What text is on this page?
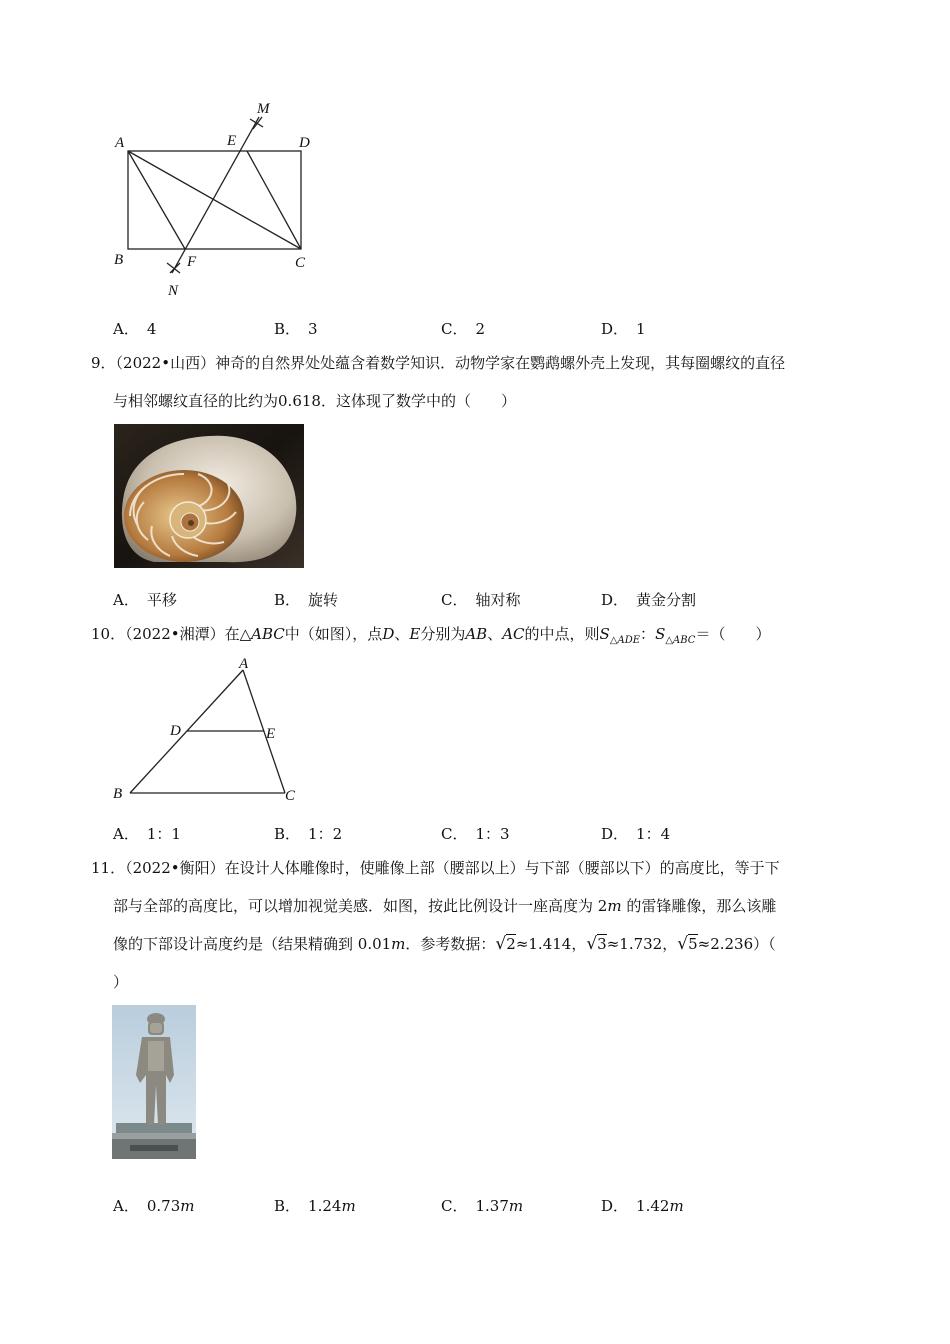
M
A	E	D
B	F	C
N
A． 4	B． 3	C． 2	D． 1
9．（2022•山西）神奇的自然界处处蕴含着数学知识．动物学家在鹦鹉螺外壳上发现，其每圈螺纹的直径
与相邻螺纹直径的比约为0.618．这体现了数学中的（　　）
A． 平移	B． 旋转	C． 轴对称	D． 黄金分割
10．（2022•湘潭）在△ABC中（如图），点D、E分别为AB、AC的中点，则$S_{\triangle ADE}$：$S_{\triangle ABC}=$（　　）
A
D	E
B	C
A． 1：1	B． 1：2	C． 1：3	D． 1：4
11．（2022•衡阳）在设计人体雕像时，使雕像上部（腰部以上）与下部（腰部以下）的高度比，等于下
部与全部的高度比，可以增加视觉美感．如图，按此比例设计一座高度为 2m 的雷锋雕像，那么该雕
像的下部设计高度约是（结果精确到 0.01m．参考数据：√2≈1.414，√3≈1.732，√5≈2.236）（
）
A． 0.73m	B． 1.24m	C． 1.37m	D． 1.42m
